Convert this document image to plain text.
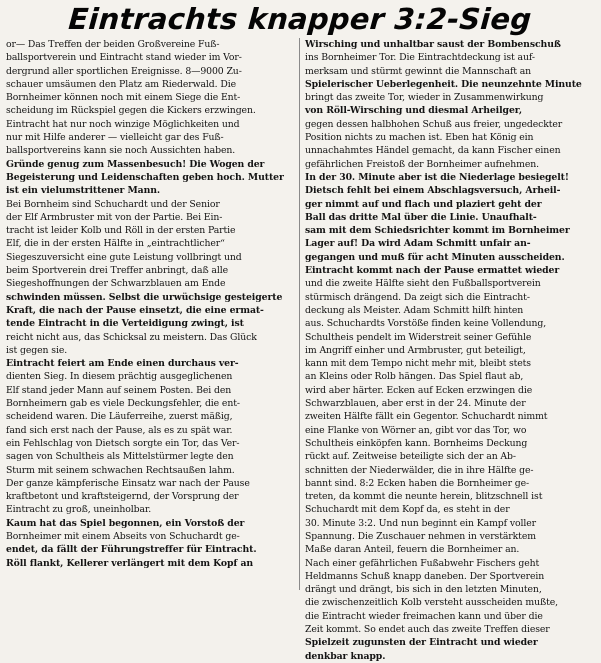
Eintrachts knapper 3:2-Sieg
or— Das Treffen der beiden Großvereine Fuß-
ballsportverein und Eintracht stand wieder im Vor-
dergrund aller sportlichen Ereignisse. 8—9000 Zu-
schauer umsäumen den Platz am Riederwald. Die
Bornheimer können noch mit einem Siege die Ent-
scheidung im Rückspiel gegen die Kickers erzwingen.
Eintracht hat nur noch winzige Möglichkeiten und
nur mit Hilfe anderer — vielleicht gar des Fuß-
ballsportvereins kann sie noch Aussichten haben.
Gründe genug zum Massenbesuch! Die Wogen der
Begeisterung und Leidenschaften geben hoch. Mutter
ist ein vielumstrittener Mann.
Bei Bornheim sind Schuchardt und der Senior
der Elf Armbruster mit von der Partie. Bei Ein-
tracht ist leider Kolb und Röll in der ersten Partie
Elf, die in der ersten Hälfte in „eintrachtlicher“
Siegeszuversicht eine gute Leistung vollbringt und
beim Sportverein drei Treffer anbringt, daß alle
Siegeshoffnungen der Schwarzblauen am Ende
schwinden müssen. Selbst die urwüchsige gesteigerte
Kraft, die nach der Pause einsetzt, die eine ermat-
tende Eintracht in die Verteidigung zwingt, ist
reicht nicht aus, das Schicksal zu meistern. Das Glück
ist gegen sie.
Eintracht feiert am Ende einen durchaus ver-
dienten Sieg. In diesem prächtig ausgeglichenen
Elf stand jeder Mann auf seinem Posten. Bei den
Bornheimern gab es viele Deckungsfehler, die ent-
scheidend waren. Die Läuferreihe, zuerst mäßig,
fand sich erst nach der Pause, als es zu spät war.
ein Fehlschlag von Dietsch sorgte ein Tor, das Ver-
sagen von Schultheis als Mittelstürmer legte den
Sturm mit seinem schwachen Rechtsaußen lahm.
Der ganze kämpferische Einsatz war nach der Pause
kraftbetont und kraftsteigernd, der Vorsprung der
Eintracht zu groß, uneinholbar.
Kaum hat das Spiel begonnen, ein Vorstoß der
Bornheimer mit einem Abseits von Schuchardt ge-
endet, da fällt der Führungstreffer für Eintracht.
Röll flankt, Kellerer verlängert mit dem Kopf an
Wirsching und unhaltbar saust der Bombenschuß
ins Bornheimer Tor. Die Eintrachtdeckung ist auf-
merksam und stürmt gewinnt die Mannschaft an
Spielerischer Ueberlegenheit. Die neunzehnte Minute
bringt das zweite Tor, wieder in Zusammenwirkung
von Röll-Wirsching und diesmal Arheilger,
gegen dessen halbhohen Schuß aus freier, ungedeckter
Position nichts zu machen ist. Eben hat König ein
unnachahmtes Händel gemacht, da kann Fischer einen
gefährlichen Freistoß der Bornheimer aufnehmen.
In der 30. Minute aber ist die Niederlage besiegelt!
Dietsch fehlt bei einem Abschlagsversuch, Arheil-
ger nimmt auf und flach und plaziert geht der
Ball das dritte Mal über die Linie. Unaufhalt-
sam mit dem Schiedsrichter kommt im Bornheimer
Lager auf! Da wird Adam Schmitt unfair an-
gegangen und muß für acht Minuten ausscheiden.
Eintracht kommt nach der Pause ermattet wieder
und die zweite Hälfte sieht den Fußballsportverein
stürmisch drängend. Da zeigt sich die Eintracht-
deckung als Meister. Adam Schmitt hilft hinten
aus. Schuchardts Vorstöße finden keine Vollendung,
Schultheis pendelt im Widerstreit seiner Gefühle
im Angriff einher und Armbruster, gut beteiligt,
kann mit dem Tempo nicht mehr mit, bleibt stets
an Kleins oder Rolb hängen. Das Spiel flaut ab,
wird aber härter. Ecken auf Ecken erzwingen die
Schwarzblauen, aber erst in der 24. Minute der
zweiten Hälfte fällt ein Gegentor. Schuchardt nimmt
eine Flanke von Wörner an, gibt vor das Tor, wo
Schultheis einköpfen kann. Bornheims Deckung
rückt auf. Zeitweise beteiligte sich der an Ab-
schnitten der Niederwälder, die in ihre Hälfte ge-
bannt sind. 8:2 Ecken haben die Bornheimer ge-
treten, da kommt die neunte herein, blitzschnell ist
Schuchardt mit dem Kopf da, es steht in der
30. Minute 3:2. Und nun beginnt ein Kampf voller
Spannung. Die Zuschauer nehmen in verstärktem
Maße daran Anteil, feuern die Bornheimer an.
Nach einer gefährlichen Fußabwehr Fischers geht
Heldmanns Schuß knapp daneben. Der Sportverein
drängt und drängt, bis sich in den letzten Minuten,
die zwischenzeitlich Kolb versteht ausscheiden mußte,
die Eintracht wieder freimachen kann und über die
Zeit kommt. So endet auch das zweite Treffen dieser
Spielzeit zugunsten der Eintracht und wieder
denkbar knapp.
